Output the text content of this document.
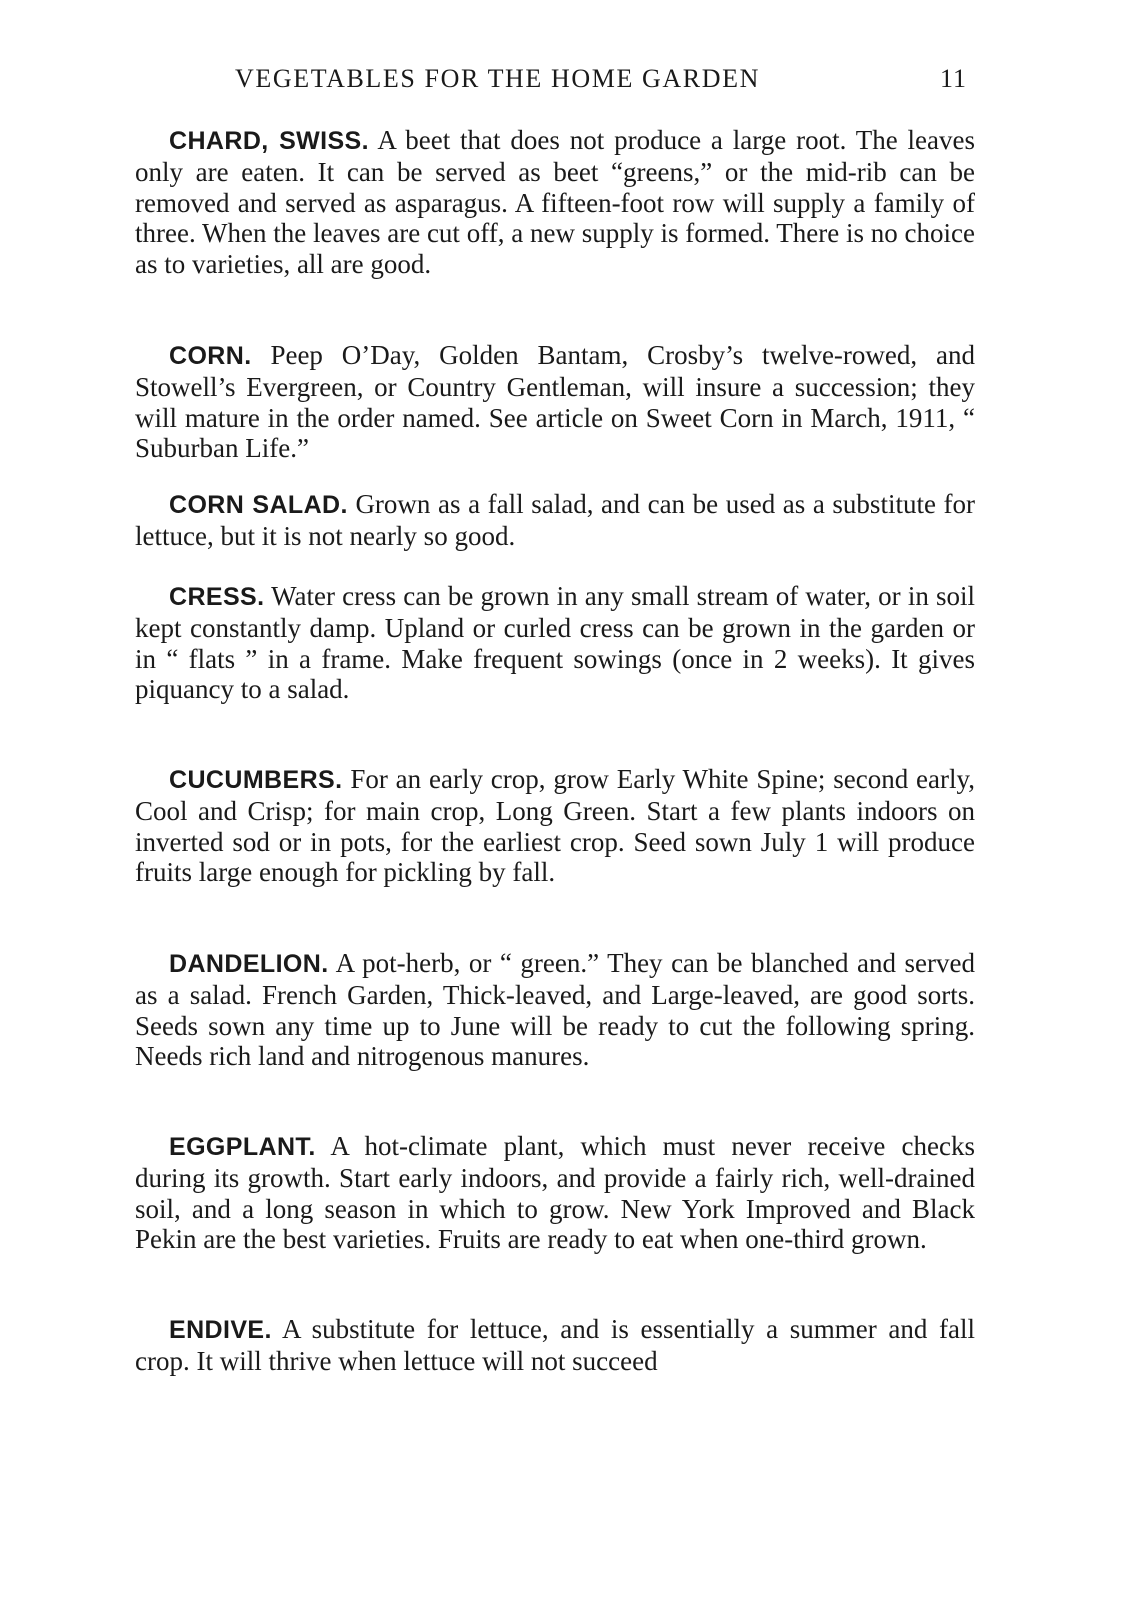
VEGETABLES FOR THE HOME GARDEN	11

CHARD, SWISS. A beet that does not produce a large root. The leaves only are eaten. It can be served as beet “greens,” or the mid-rib can be removed and served as asparagus. A fifteen-foot row will supply a family of three. When the leaves are cut off, a new supply is formed. There is no choice as to varieties, all are good.

CORN. Peep O’Day, Golden Bantam, Crosby’s twelve-rowed, and Stowell’s Evergreen, or Country Gentleman, will insure a succession; they will mature in the order named. See article on Sweet Corn in March, 1911, “ Suburban Life.”

CORN SALAD. Grown as a fall salad, and can be used as a substitute for lettuce, but it is not nearly so good.

CRESS. Water cress can be grown in any small stream of water, or in soil kept constantly damp. Upland or curled cress can be grown in the garden or in “ flats ” in a frame. Make frequent sowings (once in 2 weeks). It gives piquancy to a salad.

CUCUMBERS. For an early crop, grow Early White Spine; second early, Cool and Crisp; for main crop, Long Green. Start a few plants indoors on inverted sod or in pots, for the earliest crop. Seed sown July 1 will produce fruits large enough for pickling by fall.

DANDELION. A pot-herb, or “ green.” They can be blanched and served as a salad. French Garden, Thick-leaved, and Large-leaved, are good sorts. Seeds sown any time up to June will be ready to cut the following spring. Needs rich land and nitrogenous manures.

EGGPLANT. A hot-climate plant, which must never receive checks during its growth. Start early indoors, and provide a fairly rich, well-drained soil, and a long season in which to grow. New York Improved and Black Pekin are the best varieties. Fruits are ready to eat when one-third grown.

ENDIVE. A substitute for lettuce, and is essentially a summer and fall crop. It will thrive when lettuce will not succeed
